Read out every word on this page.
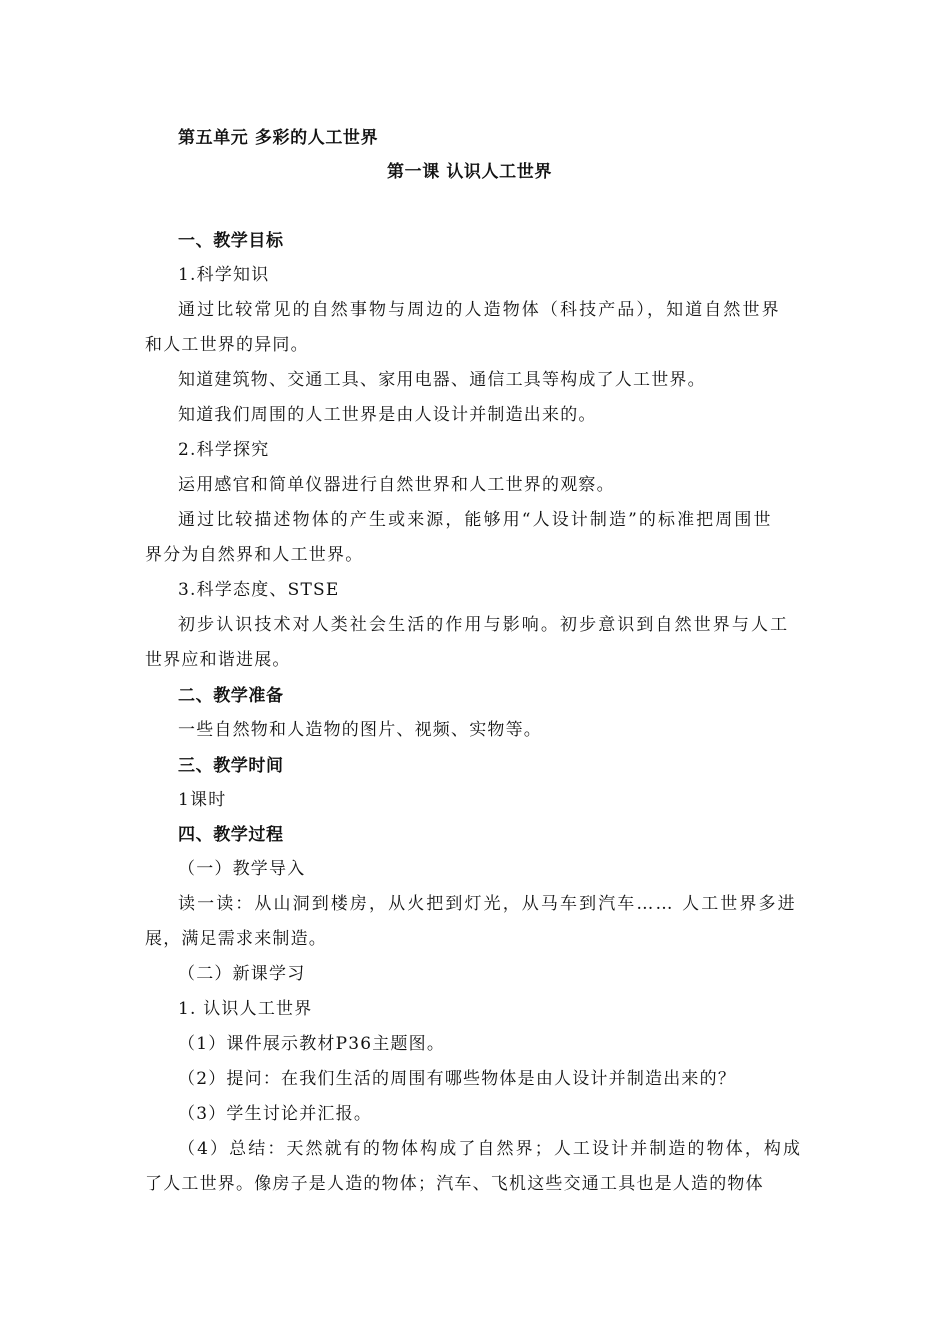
第五单元 多彩的人工世界
第一课 认识人工世界
一、教学目标
1.科学知识
通过比较常见的自然事物与周边的人造物体（科技产品），知道自然世界
和人工世界的异同。
知道建筑物、交通工具、家用电器、通信工具等构成了人工世界。
知道我们周围的人工世界是由人设计并制造出来的。
2.科学探究
运用感官和简单仪器进行自然世界和人工世界的观察。
通过比较描述物体的产生或来源，能够用“人设计制造”的标准把周围世
界分为自然界和人工世界。
3.科学态度、STSE
初步认识技术对人类社会生活的作用与影响。初步意识到自然世界与人工
世界应和谐进展。
二、教学准备
一些自然物和人造物的图片、视频、实物等。
三、教学时间
1课时
四、教学过程
（一）教学导入
读一读：从山洞到楼房，从火把到灯光，从马车到汽车…… 人工世界多进
展，满足需求来制造。
（二）新课学习
1. 认识人工世界
（1）课件展示教材P36主题图。
（2）提问：在我们生活的周围有哪些物体是由人设计并制造出来的？
（3）学生讨论并汇报。
（4）总结：天然就有的物体构成了自然界；人工设计并制造的物体，构成
了人工世界。像房子是人造的物体；汽车、飞机这些交通工具也是人造的物体
